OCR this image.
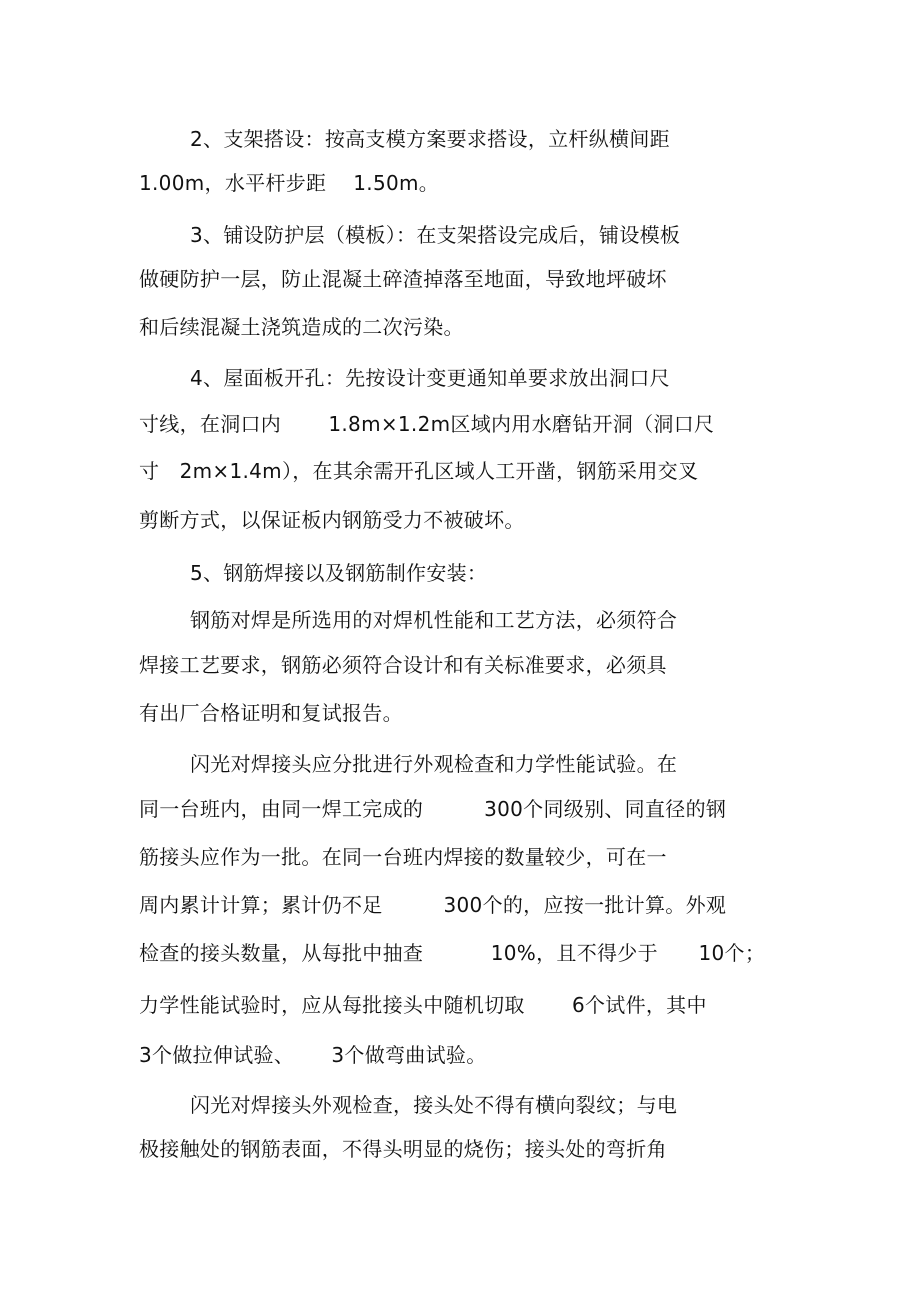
2、支架搭设：按高支模方案要求搭设，立杆纵横间距
1.00m，水平杆步距　 1.50m。
3、铺设防护层（模板）：在支架搭设完成后，铺设模板
做硬防护一层，防止混凝土碎渣掉落至地面，导致地坪破坏
和后续混凝土浇筑造成的二次污染。
4、屋面板开孔：先按设计变更通知单要求放出洞口尺
寸线，在洞口内　　 1.8m×1.2m区域内用水磨钻开洞（洞口尺
寸　2m×1.4m），在其余需开孔区域人工开凿，钢筋采用交叉
剪断方式，以保证板内钢筋受力不被破坏。
5、钢筋焊接以及钢筋制作安装：
钢筋对焊是所选用的对焊机性能和工艺方法，必须符合
焊接工艺要求，钢筋必须符合设计和有关标准要求，必须具
有出厂合格证明和复试报告。
闪光对焊接头应分批进行外观检查和力学性能试验。在
同一台班内，由同一焊工完成的　　　300个同级别、同直径的钢
筋接头应作为一批。在同一台班内焊接的数量较少，可在一
周内累计计算；累计仍不足　　　300个的，应按一批计算。外观
检查的接头数量，从每批中抽查　　　 10%，且不得少于　　10个；
力学性能试验时，应从每批接头中随机切取　　 6个试件，其中
3个做拉伸试验、　　 3个做弯曲试验。
闪光对焊接头外观检查，接头处不得有横向裂纹；与电
极接触处的钢筋表面，不得头明显的烧伤；接头处的弯折角
